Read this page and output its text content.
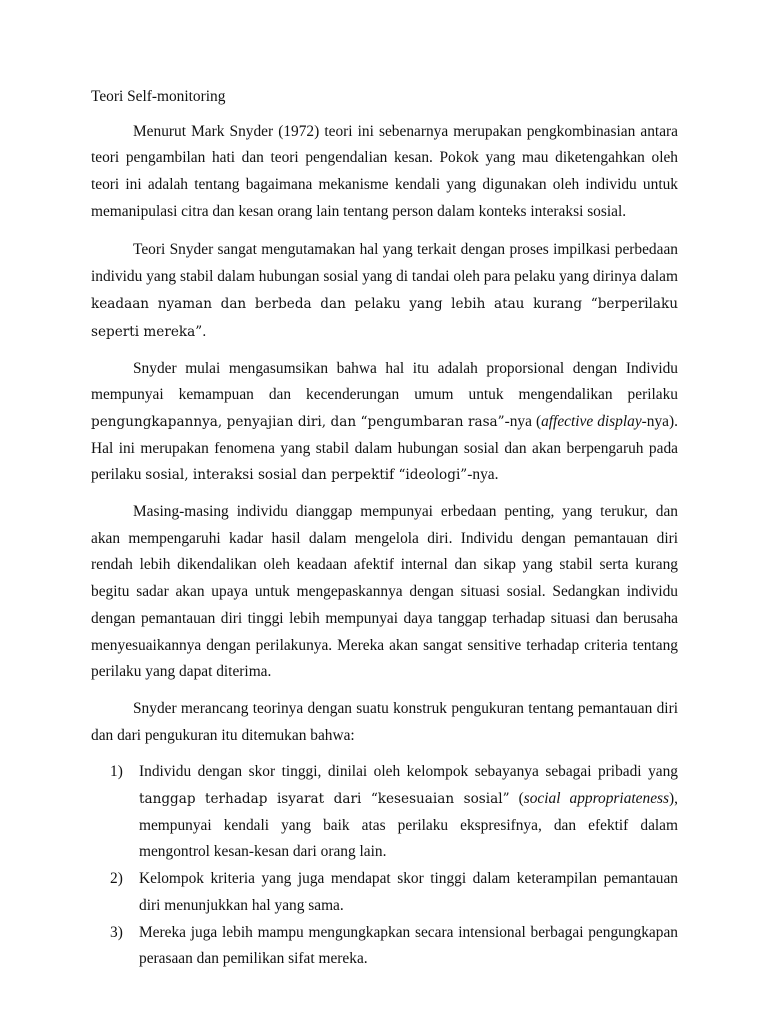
Teori Self-monitoring

Menurut Mark Snyder (1972) teori ini sebenarnya merupakan pengkombinasian antara teori pengambilan hati dan teori pengendalian kesan. Pokok yang mau diketengahkan oleh teori ini adalah tentang bagaimana mekanisme kendali yang digunakan oleh individu untuk memanipulasi citra dan kesan orang lain tentang person dalam konteks interaksi sosial.

Teori Snyder sangat mengutamakan hal yang terkait dengan proses impilkasi perbedaan individu yang stabil dalam hubungan sosial yang di tandai oleh para pelaku yang dirinya dalam keadaan nyaman dan berbeda dan pelaku yang lebih atau kurang “berperilaku seperti mereka”.

Snyder mulai mengasumsikan bahwa hal itu adalah proporsional dengan Individu mempunyai kemampuan dan kecenderungan umum untuk mengendalikan perilaku pengungkapannya, penyajian diri, dan “pengumbaran rasa”-nya (affective display-nya). Hal ini merupakan fenomena yang stabil dalam hubungan sosial dan akan berpengaruh pada perilaku sosial, interaksi sosial dan perpektif “ideologi”-nya.

Masing-masing individu dianggap mempunyai erbedaan penting, yang terukur, dan akan mempengaruhi kadar hasil dalam mengelola diri. Individu dengan pemantauan diri rendah lebih dikendalikan oleh keadaan afektif internal dan sikap yang stabil serta kurang begitu sadar akan upaya untuk mengepaskannya dengan situasi sosial. Sedangkan individu dengan pemantauan diri tinggi lebih mempunyai daya tanggap terhadap situasi dan berusaha menyesuaikannya dengan perilakunya. Mereka akan sangat sensitive terhadap criteria tentang perilaku yang dapat diterima.

Snyder merancang teorinya dengan suatu konstruk pengukuran tentang pemantauan diri dan dari pengukuran itu ditemukan bahwa:

1) Individu dengan skor tinggi, dinilai oleh kelompok sebayanya sebagai pribadi yang tanggap terhadap isyarat dari “kesesuaian sosial” (social appropriateness), mempunyai kendali yang baik atas perilaku ekspresifnya, dan efektif dalam mengontrol kesan-kesan dari orang lain.
2) Kelompok kriteria yang juga mendapat skor tinggi dalam keterampilan pemantauan diri menunjukkan hal yang sama.
3) Mereka juga lebih mampu mengungkapkan secara intensional berbagai pengungkapan perasaan dan pemilikan sifat mereka.
